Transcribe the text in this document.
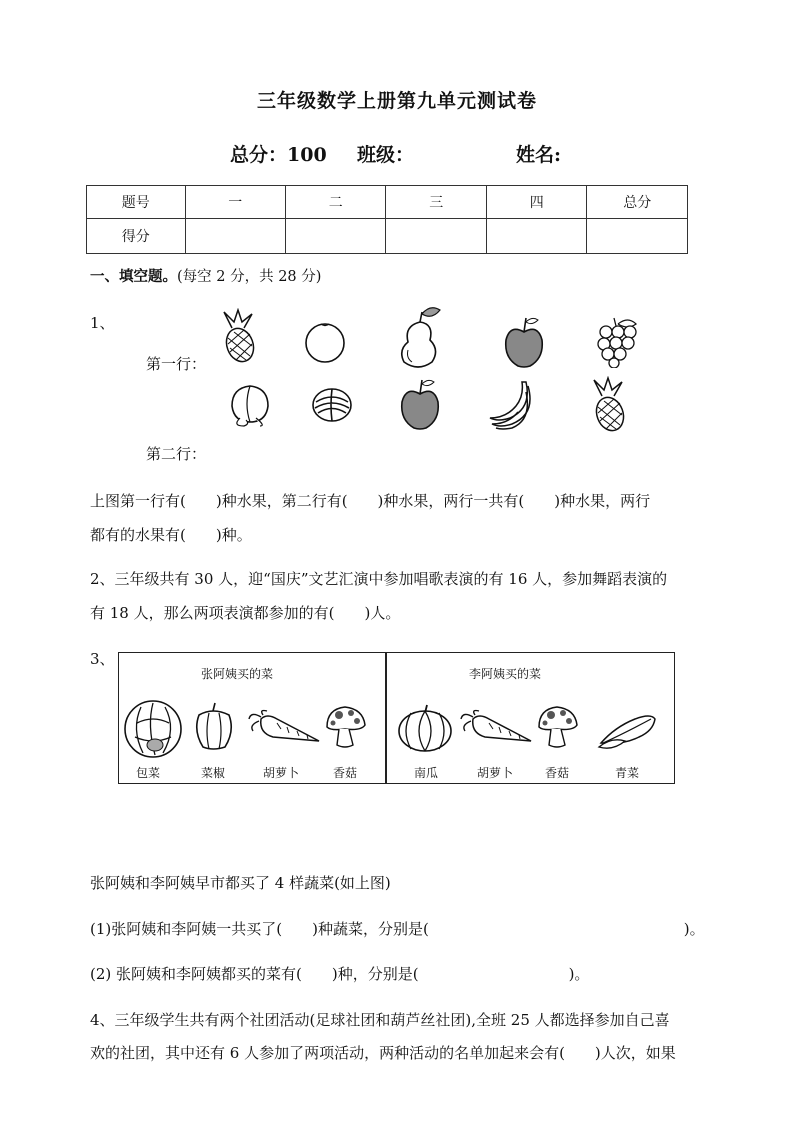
三年级数学上册第九单元测试卷
总分：100 班级：	姓名:
题号	一	二	三	四	总分
得分					
一、填空题。(每空 2 分，共 28 分)
1、
第一行：
第二行：
上图第一行有(　　)种水果，第二行有(　　)种水果，两行一共有(　　)种水果，两行
都有的水果有(　　)种。
2、三年级共有 30 人，迎“国庆”文艺汇演中参加唱歌表演的有 16 人，参加舞蹈表演的
有 18 人，那么两项表演都参加的有(　　)人。
3、
张阿姨买的菜	李阿姨买的菜
包菜	菜椒	胡萝卜	香菇	南瓜	胡萝卜	香菇	青菜
张阿姨和李阿姨早市都买了 4 样蔬菜(如上图)
(1)张阿姨和李阿姨一共买了(　　)种蔬菜，分别是(　　　　　　　　　　　　　　　　　)。
(2) 张阿姨和李阿姨都买的菜有(　　)种，分别是(　　　　　　　　　　)。
4、三年级学生共有两个社团活动(足球社团和葫芦丝社团),全班 25 人都选择参加自己喜
欢的社团，其中还有 6 人参加了两项活动，两种活动的名单加起来会有(　　)人次，如果
